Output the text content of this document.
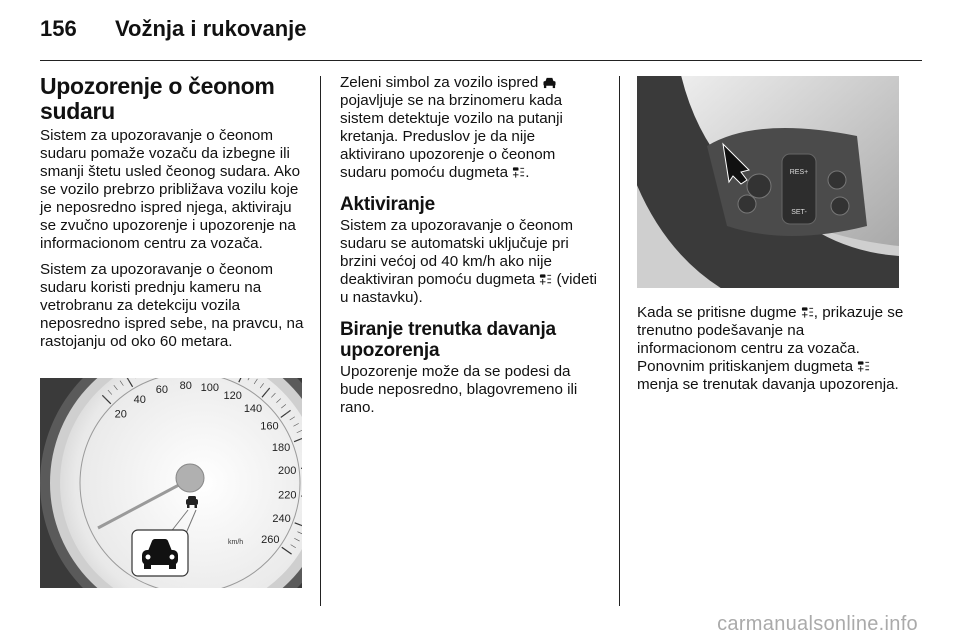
156 Vožnja i rukovanje
Upozorenje o čeonom sudaru

Sistem za upozoravanje o čeonom sudaru pomaže vozaču da izbegne ili smanji štetu usled čeonog sudara. Ako se vozilo prebrzo približava vozilu koje je neposredno ispred njega, aktiviraju se zvučno upozorenje i upozorenje na informacionom centru za vozača.

Sistem za upozoravanje o čeonom sudaru koristi prednju kameru na vetrobranu za detekciju vozila neposredno ispred sebe, na pravcu, na rastojanju od oko 60 metara.

20
40
60 80 100
120
140
160
180
200
220
240
260
km/h

Zeleni simbol za vozilo ispred  pojavljuje se na brzinomeru kada sistem detektuje vozilo na putanji kretanja. Preduslov je da nije aktivirano upozorenje o čeonom sudaru pomoću dugmeta .

Aktiviranje

Sistem za upozoravanje o čeonom sudaru se automatski uključuje pri brzini većoj od 40 km/h ako nije deaktiviran pomoću dugmeta  (videti u nastavku).

Biranje trenutka davanja upozorenja

Upozorenje može da se podesi da bude neposredno, blagovremeno ili rano.

RES+
SET-

Kada se pritisne dugme , prikazuje se trenutno podešavanje na informacionom centru za vozača. Ponovnim pritiskanjem dugmeta  menja se trenutak davanja upozorenja.

carmanualsonline.info
